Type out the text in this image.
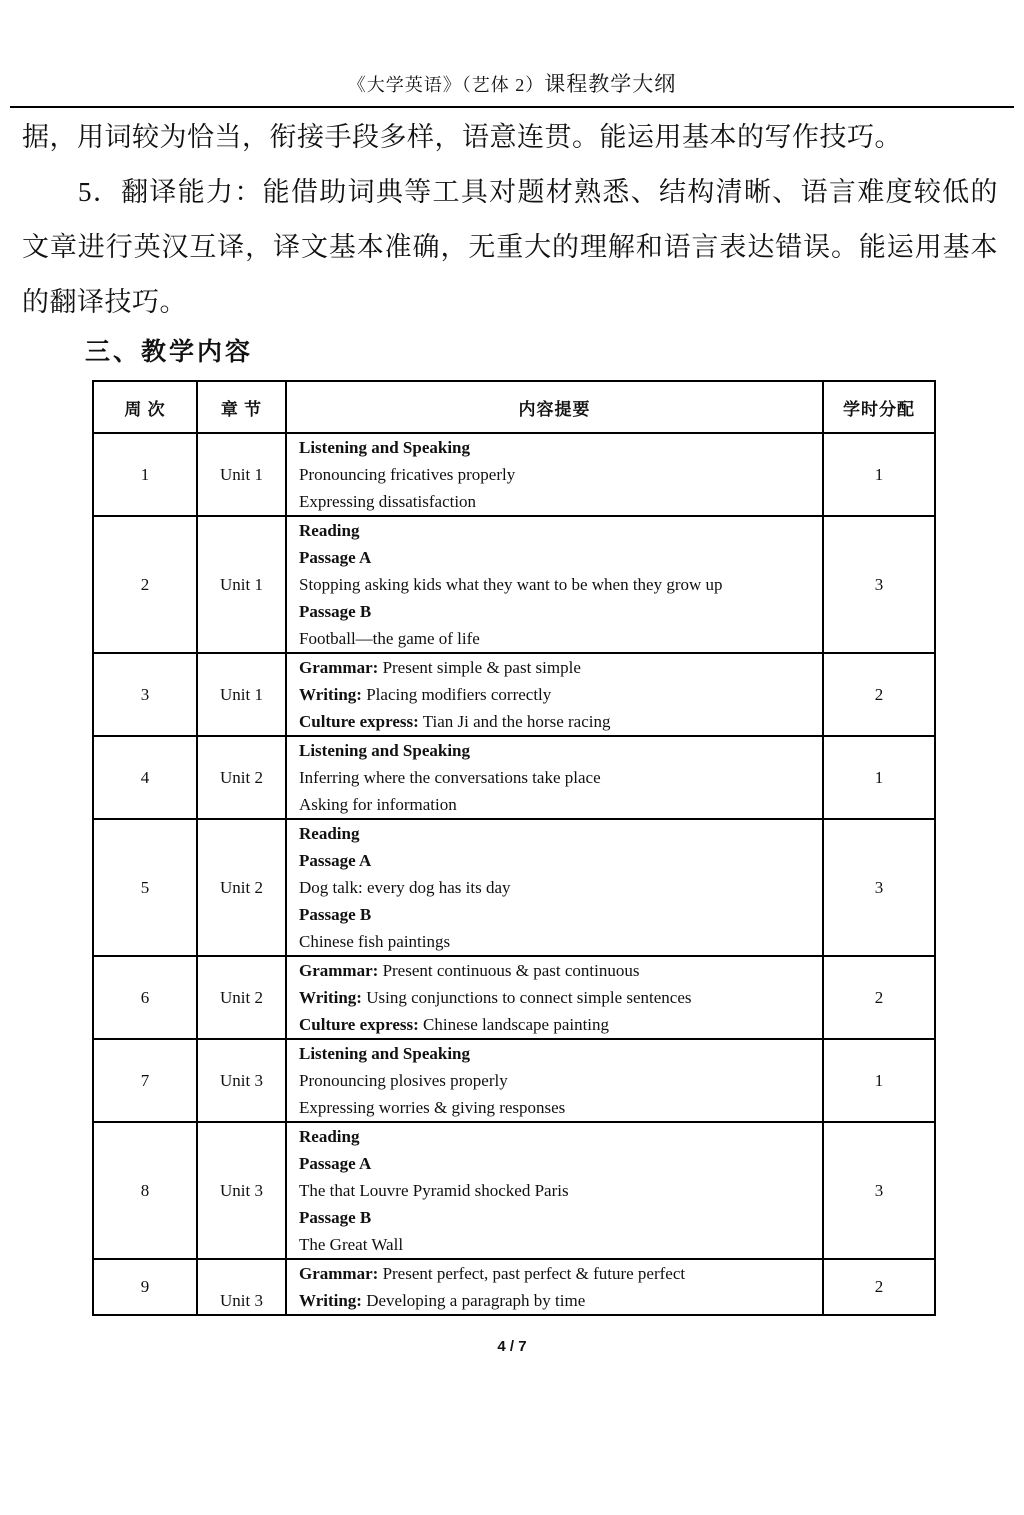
《大学英语》（艺体 2）课程教学大纲

据，用词较为恰当，衔接手段多样，语意连贯。能运用基本的写作技巧。

5．翻译能力：能借助词典等工具对题材熟悉、结构清晰、语言难度较低的文章进行英汉互译，译文基本准确，无重大的理解和语言表达错误。能运用基本的翻译技巧。

三、教学内容
周 次	章 节	内容提要	学时分配
1	Unit 1	Listening and Speaking
Pronouncing fricatives properly
Expressing dissatisfaction	1
2	Unit 1	Reading
Passage A
Stopping asking kids what they want to be when they grow up
Passage B
Football—the game of life	3
3	Unit 1	Grammar: Present simple & past simple
Writing: Placing modifiers correctly
Culture express: Tian Ji and the horse racing	2
4	Unit 2	Listening and Speaking
Inferring where the conversations take place
Asking for information	1
5	Unit 2	Reading
Passage A
Dog talk: every dog has its day
Passage B
Chinese fish paintings	3
6	Unit 2	Grammar: Present continuous & past continuous
Writing: Using conjunctions to connect simple sentences
Culture express: Chinese landscape painting	2
7	Unit 3	Listening and Speaking
Pronouncing plosives properly
Expressing worries & giving responses	1
8	Unit 3	Reading
Passage A
The that Louvre Pyramid shocked Paris
Passage B
The Great Wall	3
9	Unit 3	Grammar: Present perfect, past perfect & future perfect
Writing: Developing a paragraph by time	2
4 / 7
